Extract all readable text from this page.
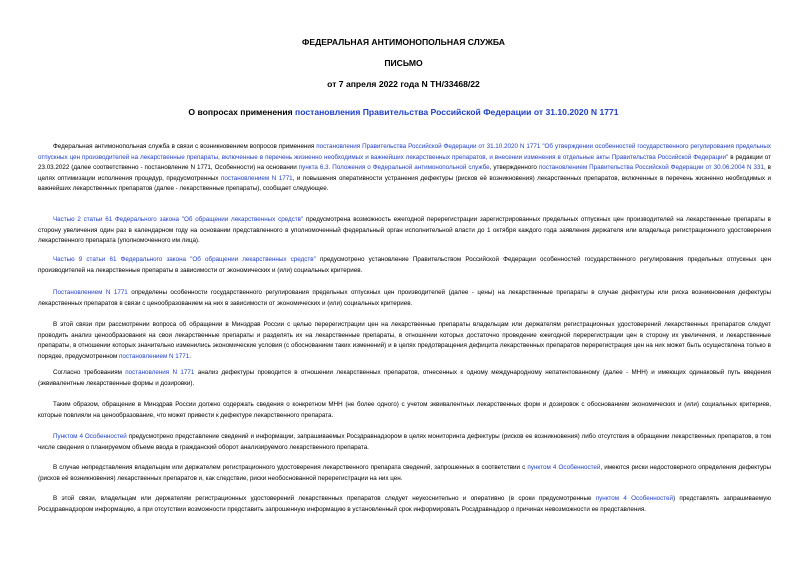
ФЕДЕРАЛЬНАЯ АНТИМОНОПОЛЬНАЯ СЛУЖБА

ПИСЬМО

от 7 апреля 2022 года N ТН/33468/22

О вопросах применения постановления Правительства Российской Федерации от 31.10.2020 N 1771

Федеральная антимонопольная служба в связи с возникновением вопросов применения постановления Правительства Российской Федерации от 31.10.2020 N 1771 "Об утверждении особенностей государственного регулирования предельных отпускных цен производителей на лекарственные препараты, включенные в перечень жизненно необходимых и важнейших лекарственных препаратов, и внесении изменения в отдельные акты Правительства Российской Федерации" в редакции от 23.03.2022 (далее соответственно - постановление N 1771, Особенности) на основании пункта 6.3. Положения о Федеральной антимонопольной службе, утвержденного постановлением Правительства Российской Федерации от 30.06.2004 N 331, в целях оптимизации исполнения процедур, предусмотренных постановлением N 1771, и повышения оперативности устранения дефектуры (рисков её возникновения) лекарственных препаратов, включенных в перечень жизненно необходимых и важнейших лекарственных препаратов (далее - лекарственные препараты), сообщает следующее.

Частью 2 статьи 61 Федерального закона "Об обращении лекарственных средств" предусмотрена возможность ежегодной перерегистрации зарегистрированных предельных отпускных цен производителей на лекарственные препараты в сторону увеличения один раз в календарном году на основании представленного в уполномоченный федеральный орган исполнительной власти до 1 октября каждого года заявления держателя или владельца регистрационного удостоверения лекарственного препарата (уполномоченного им лица).

Частью 9 статьи 61 Федерального закона "Об обращении лекарственных средств" предусмотрено установление Правительством Российской Федерации особенностей государственного регулирования предельных отпускных цен производителей на лекарственные препараты в зависимости от экономических и (или) социальных критериев.

Постановлением N 1771 определены особенности государственного регулирования предельных отпускных цен производителей (далее - цены) на лекарственные препараты в случае дефектуры или риска возникновения дефектуры лекарственных препаратов в связи с ценообразованием на них в зависимости от экономических и (или) социальных критериев.

В этой связи при рассмотрении вопроса об обращении в Минздрав России с целью перерегистрации цен на лекарственные препараты владельцам или держателям регистрационных удостоверений лекарственных препаратов следует проводить анализ ценообразования на свои лекарственные препараты и разделять их на лекарственные препараты, в отношении которых достаточно проведение ежегодной перерегистрации цен в сторону их увеличения, и лекарственные препараты, в отношении которых значительно изменились экономические условия (с обоснованием таких изменений) и в целях предотвращения дефицита лекарственных препаратов перерегистрация цен на них может быть осуществлена только в порядке, предусмотренном постановлением N 1771.

Согласно требованиям постановления N 1771 анализ дефектуры проводится в отношении лекарственных препаратов, отнесенных к одному международному непатентованному (далее - МНН) и имеющих одинаковый путь введения (эквивалентные лекарственные формы и дозировки).

Таким образом, обращение в Минздрав России должно содержать сведения о конкретном МНН (не более одного) с учетом эквивалентных лекарственных форм и дозировок с обоснованием экономических и (или) социальных критериев, которые повлияли на ценообразование, что может привести к дефектуре лекарственного препарата.

Пунктом 4 Особенностей предусмотрено представление сведений и информации, запрашиваемых Росздравнадзором в целях мониторинга дефектуры (рисков ее возникновения) либо отсутствия в обращении лекарственных препаратов, в том числе сведения о планируемом объеме ввода в гражданский оборот анализируемого лекарственного препарата.

В случае непредставления владельцем или держателем регистрационного удостоверения лекарственного препарата сведений, запрошенных в соответствии с пунктом 4 Особенностей, имеются риски недостоверного определения дефектуры (рисков её возникновения) лекарственных препаратов и, как следствие, риски необоснованной перерегистрации на них цен.

В этой связи, владельцам или держателям регистрационных удостоверений лекарственных препаратов следует неукоснительно и оперативно (в сроки предусмотренные пунктом 4 Особенностей) представлять запрашиваемую Росздравнадзором информацию, а при отсутствии возможности представить запрошенную информацию в установленный срок информировать Росздравнадзор о причинах невозможности ее представления.
